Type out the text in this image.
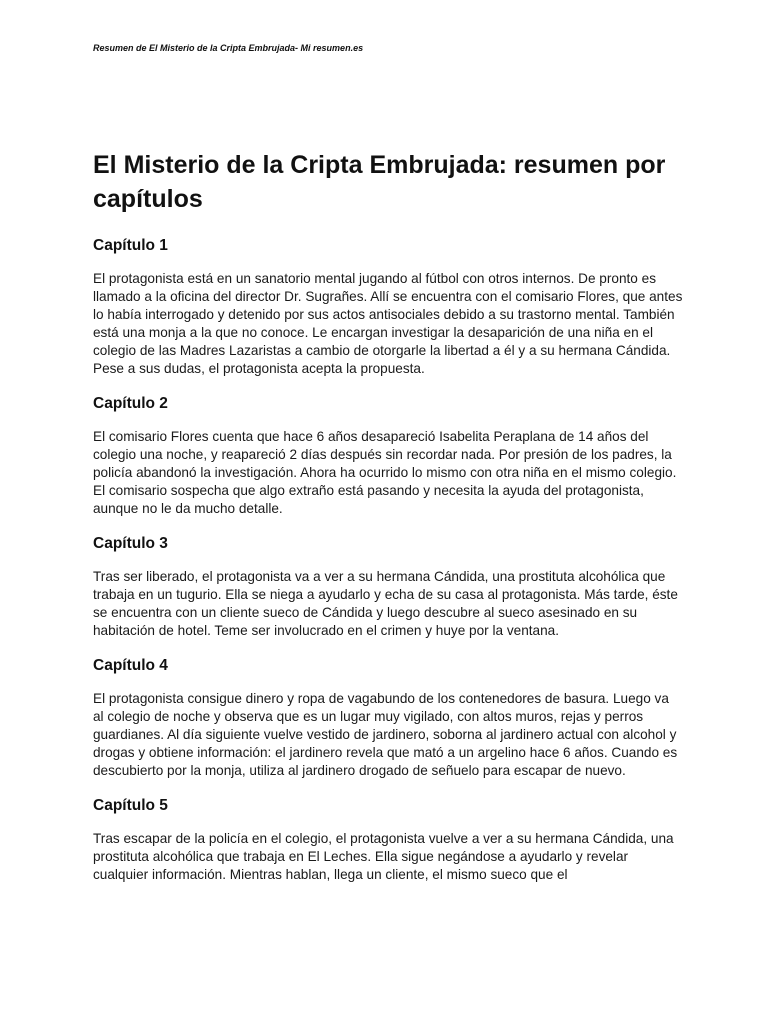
Resumen de El Misterio de la Cripta Embrujada- Mi resumen.es
El Misterio de la Cripta Embrujada: resumen por capítulos
Capítulo 1

El protagonista está en un sanatorio mental jugando al fútbol con otros internos. De pronto es llamado a la oficina del director Dr. Sugrañes. Allí se encuentra con el comisario Flores, que antes lo había interrogado y detenido por sus actos antisociales debido a su trastorno mental. También está una monja a la que no conoce. Le encargan investigar la desaparición de una niña en el colegio de las Madres Lazaristas a cambio de otorgarle la libertad a él y a su hermana Cándida. Pese a sus dudas, el protagonista acepta la propuesta.

Capítulo 2

El comisario Flores cuenta que hace 6 años desapareció Isabelita Peraplana de 14 años del colegio una noche, y reapareció 2 días después sin recordar nada. Por presión de los padres, la policía abandonó la investigación. Ahora ha ocurrido lo mismo con otra niña en el mismo colegio. El comisario sospecha que algo extraño está pasando y necesita la ayuda del protagonista, aunque no le da mucho detalle.

Capítulo 3

Tras ser liberado, el protagonista va a ver a su hermana Cándida, una prostituta alcohólica que trabaja en un tugurio. Ella se niega a ayudarlo y echa de su casa al protagonista. Más tarde, éste se encuentra con un cliente sueco de Cándida y luego descubre al sueco asesinado en su habitación de hotel. Teme ser involucrado en el crimen y huye por la ventana.

Capítulo 4

El protagonista consigue dinero y ropa de vagabundo de los contenedores de basura. Luego va al colegio de noche y observa que es un lugar muy vigilado, con altos muros, rejas y perros guardianes. Al día siguiente vuelve vestido de jardinero, soborna al jardinero actual con alcohol y drogas y obtiene información: el jardinero revela que mató a un argelino hace 6 años. Cuando es descubierto por la monja, utiliza al jardinero drogado de señuelo para escapar de nuevo.

Capítulo 5

Tras escapar de la policía en el colegio, el protagonista vuelve a ver a su hermana Cándida, una prostituta alcohólica que trabaja en El Leches. Ella sigue negándose a ayudarlo y revelar cualquier información. Mientras hablan, llega un cliente, el mismo sueco que el
